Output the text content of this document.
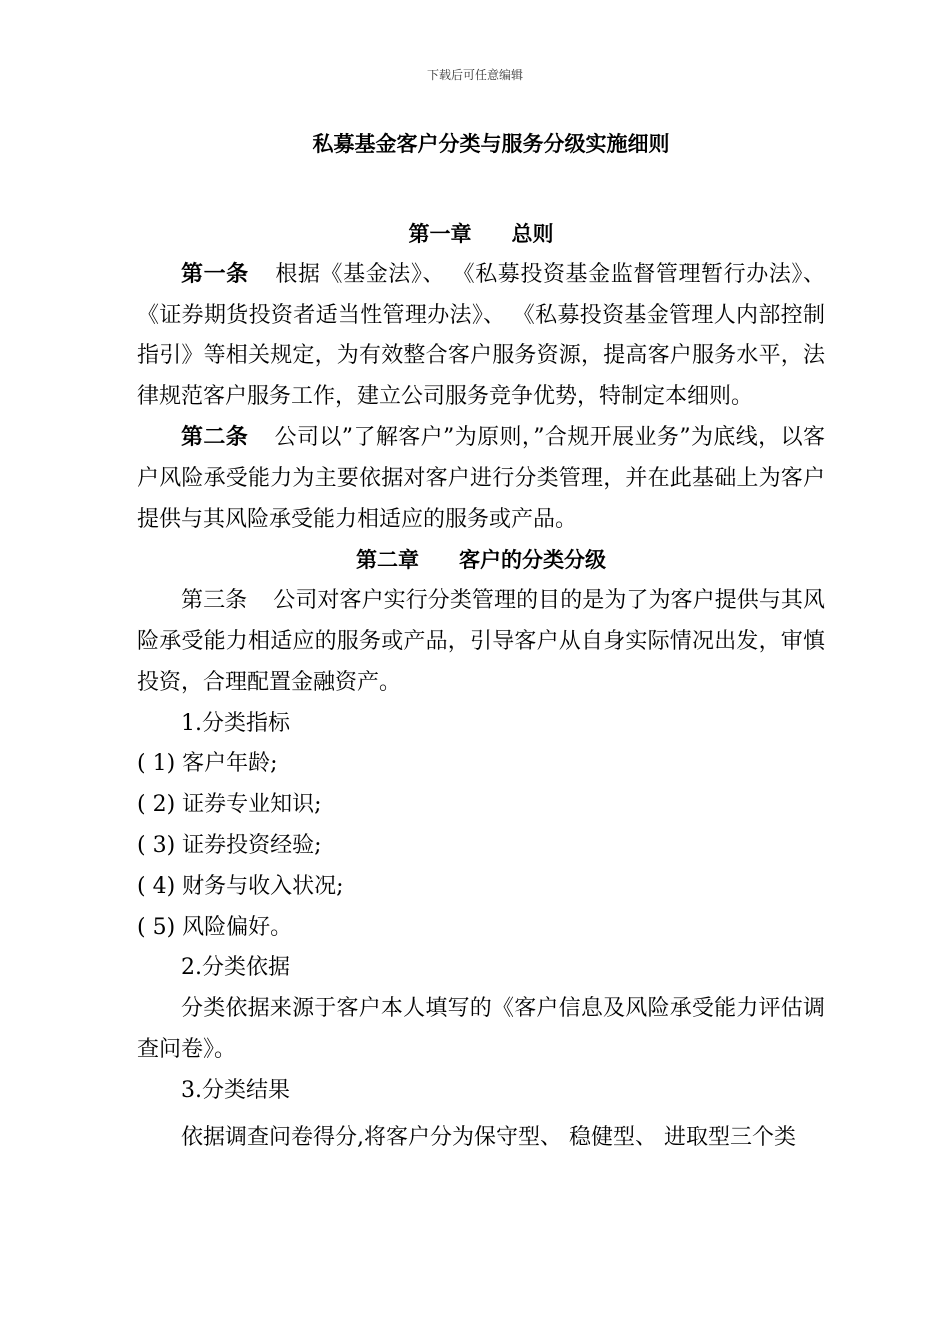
下载后可任意编辑
私募基金客户分类与服务分级实施细则
第一章 总则

第一条 根据《基金法》、 《私募投资基金监督管理暂行办法》、 《证券期货投资者适当性管理办法》、 《私募投资基金管理人内部控制指引》等相关规定，为有效整合客户服务资源，提高客户服务水平，法律规范客户服务工作，建立公司服务竞争优势，特制定本细则。

第二条 公司以”了解客户”为原则，”合规开展业务”为底线，以客户风险承受能力为主要依据对客户进行分类管理，并在此基础上为客户提供与其风险承受能力相适应的服务或产品。

第二章 客户的分类分级

第三条 公司对客户实行分类管理的目的是为了为客户提供与其风险承受能力相适应的服务或产品，引导客户从自身实际情况出发，审慎投资，合理配置金融资产。

1.分类指标

( 1) 客户年龄;

( 2) 证券专业知识;

( 3) 证券投资经验;

( 4) 财务与收入状况;

( 5) 风险偏好。

2.分类依据

分类依据来源于客户本人填写的《客户信息及风险承受能力评估调查问卷》。

3.分类结果

依据调查问卷得分,将客户分为保守型、 稳健型、 进取型三个类
